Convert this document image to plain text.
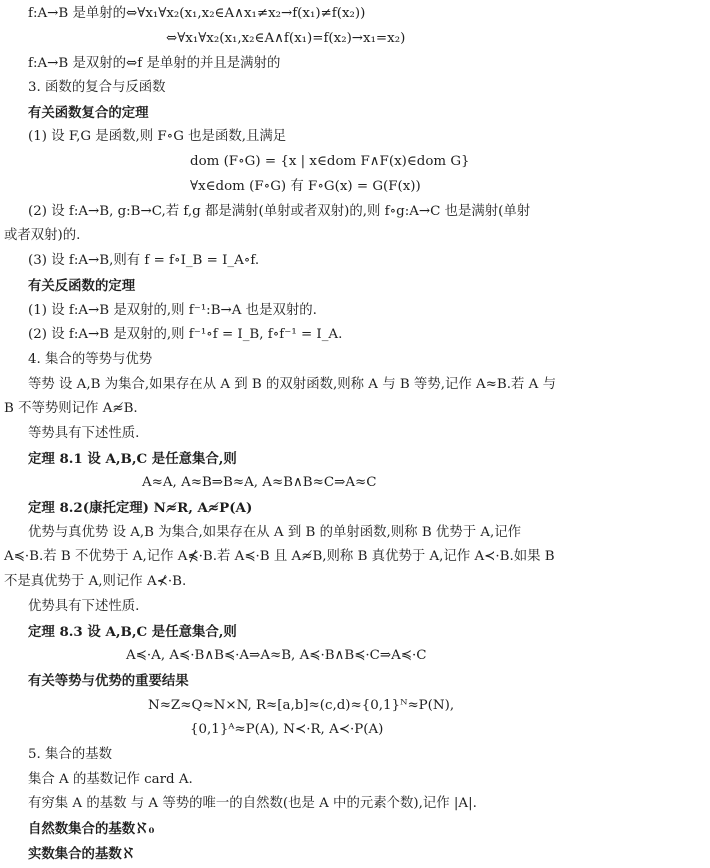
f:A→B 是单射的⇔∀x₁∀x₂(x₁,x₂∈A∧x₁≠x₂→f(x₁)≠f(x₂))
⇔∀x₁∀x₂(x₁,x₂∈A∧f(x₁)=f(x₂)→x₁=x₂)
f:A→B 是双射的⇔f 是单射的并且是满射的
3. 函数的复合与反函数
有关函数复合的定理
(1) 设 F,G 是函数,则 F∘G 也是函数,且满足
dom (F∘G) = {x | x∈dom F∧F(x)∈dom G}
∀x∈dom (F∘G) 有 F∘G(x) = G(F(x))
(2) 设 f:A→B, g:B→C,若 f,g 都是满射(单射或者双射)的,则 f∘g:A→C 也是满射(单射
或者双射)的.
(3) 设 f:A→B,则有 f = f∘I_B = I_A∘f.
有关反函数的定理
(1) 设 f:A→B 是双射的,则 f⁻¹:B→A 也是双射的.
(2) 设 f:A→B 是双射的,则 f⁻¹∘f = I_B, f∘f⁻¹ = I_A.
4. 集合的等势与优势
等势 设 A,B 为集合,如果存在从 A 到 B 的双射函数,则称 A 与 B 等势,记作 A≈B.若 A 与
B 不等势则记作 A≉B.
等势具有下述性质.
定理 8.1 设 A,B,C 是任意集合,则
A≈A, A≈B⇒B≈A, A≈B∧B≈C⇒A≈C
定理 8.2(康托定理) N≉R, A≉P(A)
优势与真优势 设 A,B 为集合,如果存在从 A 到 B 的单射函数,则称 B 优势于 A,记作
A≼·B.若 B 不优势于 A,记作 A⋠·B.若 A≼·B 且 A≉B,则称 B 真优势于 A,记作 A≺·B.如果 B
不是真优势于 A,则记作 A⊀·B.
优势具有下述性质.
定理 8.3 设 A,B,C 是任意集合,则
A≼·A, A≼·B∧B≼·A⇒A≈B, A≼·B∧B≼·C⇒A≼·C
有关等势与优势的重要结果
N≈Z≈Q≈N×N, R≈[a,b]≈(c,d)≈{0,1}ᴺ≈P(N),
{0,1}ᴬ≈P(A), N≺·R, A≺·P(A)
5. 集合的基数
集合 A 的基数记作 card A.
有穷集 A 的基数 与 A 等势的唯一的自然数(也是 A 中的元素个数),记作 |A|.
自然数集合的基数ℵ₀
实数集合的基数ℵ
